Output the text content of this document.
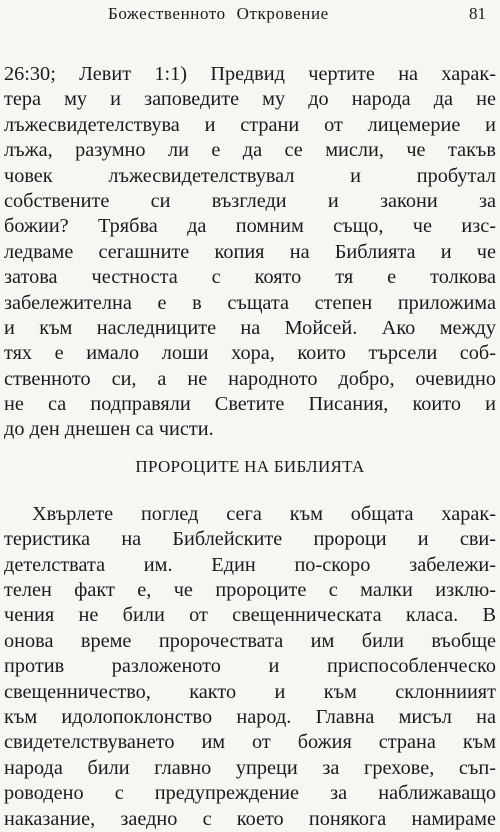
Божественното Откровение	81
26:30; Левит 1:1) Предвид чертите на харак-
тера му и заповедите му до народа да не
лъжесвидетелствува и страни от лицемерие и
лъжа, разумно ли е да се мисли, че такъв
човек лъжесвидетелствувал и пробутал
собствените си възгледи и закони за
божии? Трябва да помним също, че изс-
ледваме сегашните копия на Библията и че
затова честноста с която тя е толкова
забележителна е в същата степен приложима
и към наследниците на Мойсей. Ако между
тях е имало лоши хора, които търсели соб-
ственното си, а не народното добро, очевидно
не са подправяли Светите Писания, които и
до ден днешен са чисти.
ПРОРОЦИТЕ НА БИБЛИЯТА
Хвърлете поглед сега към общата харак-
теристика на Библейските пророци и сви-
детелствата им. Един по-скоро забележи-
телен факт е, че пророците с малки изклю-
чения не били от свещенническата класа. В
онова време пророчествата им били въобще
против разложеното и приспособленческо
свещенничество, както и към склонниият
към идолопоклонство народ. Главна мисъл на
свидетелствуването им от божия страна към
народа били главно упреци за грехове, съп-
роводено с предупреждение за наближаващо
наказание, заедно с което понякога намираме
